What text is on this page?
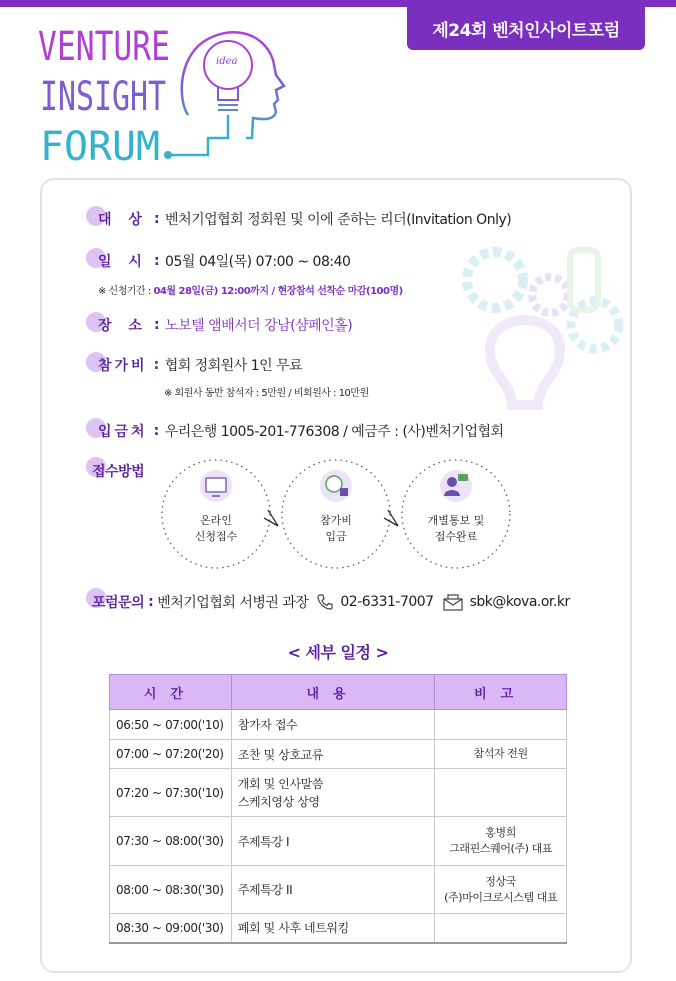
제24회 벤처인사이트포럼
VENTURE
INSIGHT
FORUM
idea
대 상 : 벤처기업협회 정회원 및 이에 준하는 리더(Invitation Only)
일 시 : 05월 04일(목) 07:00 ~ 08:40
※ 신청기간 : 04월 28일(금) 12:00까지 / 현장참석 선착순 마감(100명)
장 소 : 노보텔 앰배서더 강남(샴페인홀)
참가비 : 협회 정회원사 1인 무료
※ 회원사 동반 참석자 : 5만원 / 비회원사 : 10만원
입금처 : 우리은행 1005-201-776308 / 예금주 : (사)벤처기업협회
접수방법
온라인
신청접수
참가비
입금
개별통보 및
접수완료
포럼문의 : 벤처기업협회 서병권 과장 02-6331-7007	sbk@kova.or.kr
< 세부 일정 >
시간	내용	비고
06:50 ~ 07:00('10)	참가자 접수	
07:00 ~ 07:20('20)	조찬 및 상호교류	참석자 전원
07:20 ~ 07:30('10)	개회 및 인사말씀
스케치영상 상영	

07:30 ~ 08:00('30)	주제특강 I	홍병희
그래핀스퀘어(주) 대표

08:00 ~ 08:30('30)	주제특강 II	정상국
(주)마이크로시스템 대표

08:30 ~ 09:00('30)	폐회 및 사후 네트워킹	
